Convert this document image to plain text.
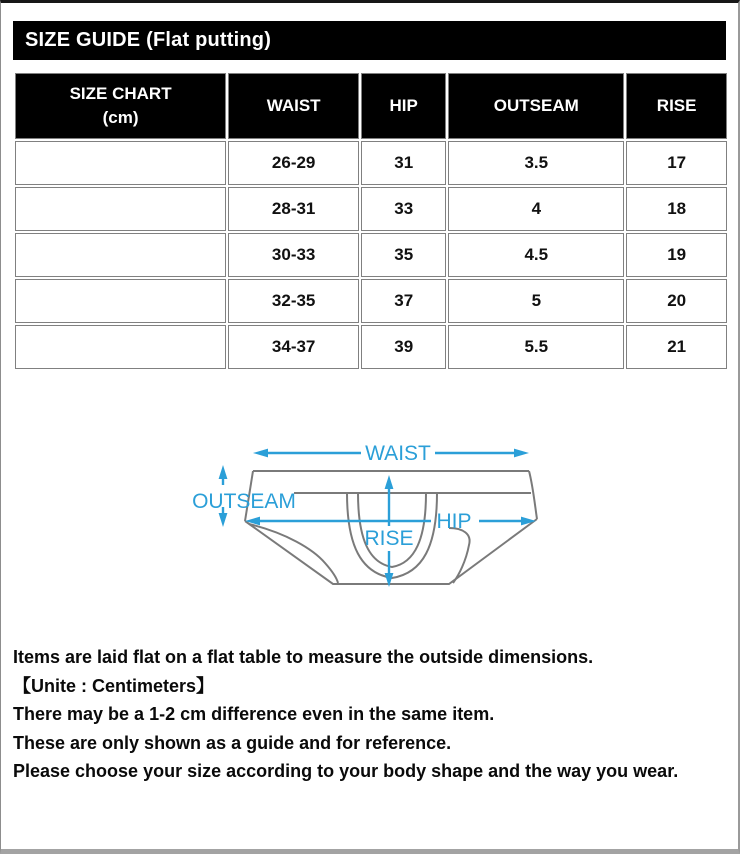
SIZE GUIDE (Flat putting)
SIZE CHART
(cm)	WAIST	HIP	OUTSEAM	RISE
S	26-29	31	3.5	17
M	28-31	33	4	18
L	30-33	35	4.5	19
X L	32-35	37	5	20
XX L	34-37	39	5.5	21
WAIST
OUTSEAM
HIP
RISE
Items are laid flat on a flat table to measure the outside dimensions.
【Unite : Centimeters】
There may be a 1-2 cm difference even in the same item.
These are only shown as a guide and for reference.
Please choose your size according to your body shape and the way you wear.
